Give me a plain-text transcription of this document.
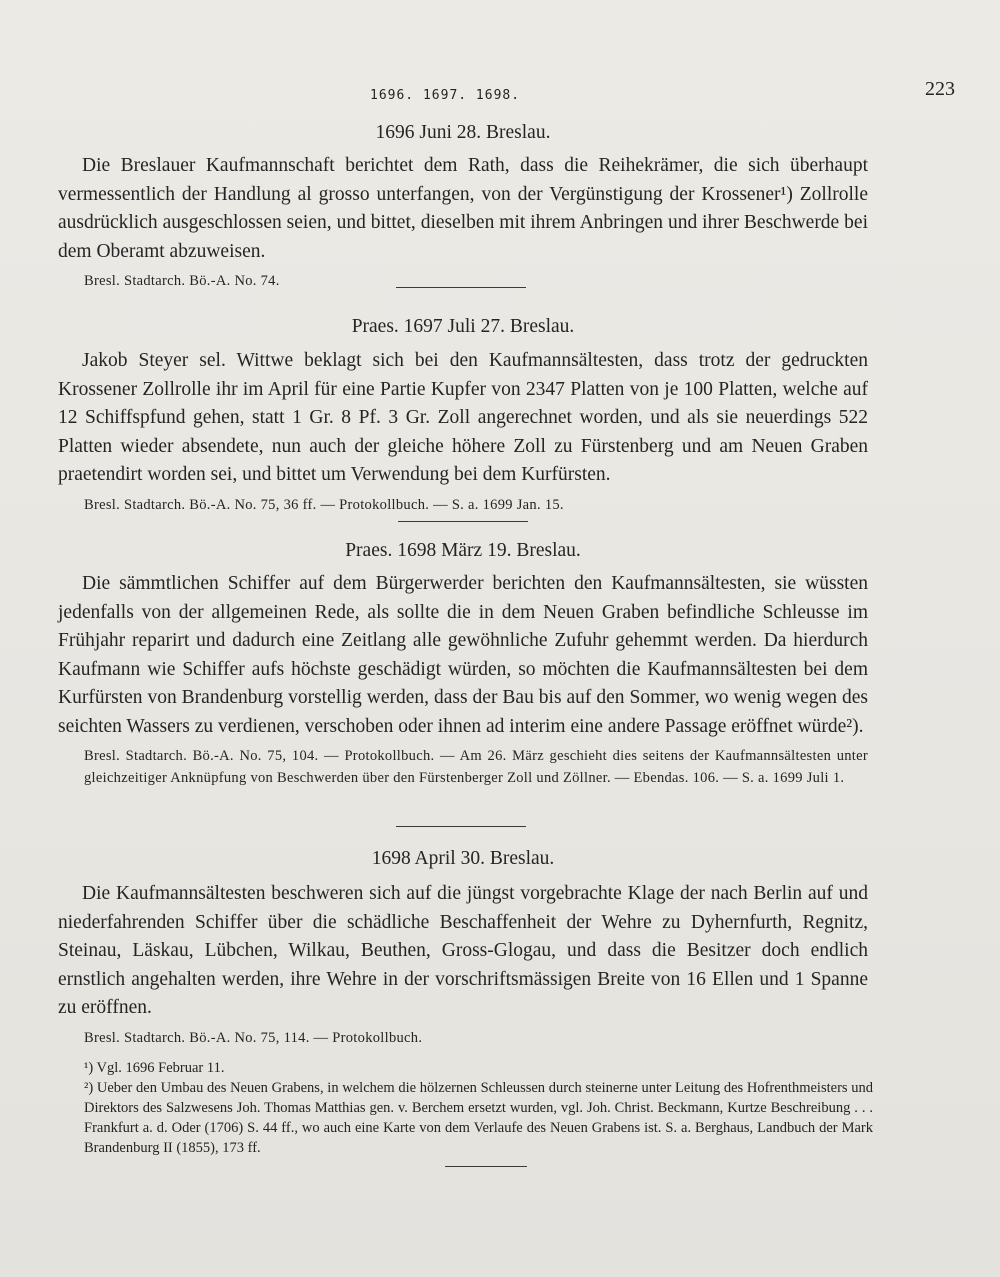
1696. 1697. 1698.	223

1696 Juni 28. Breslau.

Die Breslauer Kaufmannschaft berichtet dem Rath, dass die Reihekrämer, die sich überhaupt vermessentlich der Handlung al grosso unterfangen, von der Vergünstigung der Krossener¹) Zollrolle ausdrücklich ausgeschlossen seien, und bittet, dieselben mit ihrem Anbringen und ihrer Beschwerde bei dem Oberamt abzuweisen.

Bresl. Stadtarch. Bö.-A. No. 74.

Praes. 1697 Juli 27. Breslau.

Jakob Steyer sel. Wittwe beklagt sich bei den Kaufmannsältesten, dass trotz der gedruckten Krossener Zollrolle ihr im April für eine Partie Kupfer von 2347 Platten von je 100 Platten, welche auf 12 Schiffspfund gehen, statt 1 Gr. 8 Pf. 3 Gr. Zoll angerechnet worden, und als sie neuerdings 522 Platten wieder absendete, nun auch der gleiche höhere Zoll zu Fürstenberg und am Neuen Graben praetendirt worden sei, und bittet um Verwendung bei dem Kurfürsten.

Bresl. Stadtarch. Bö.-A. No. 75, 36 ff. — Protokollbuch. — S. a. 1699 Jan. 15.

Praes. 1698 März 19. Breslau.

Die sämmtlichen Schiffer auf dem Bürgerwerder berichten den Kaufmannsältesten, sie wüssten jedenfalls von der allgemeinen Rede, als sollte die in dem Neuen Graben befindliche Schleusse im Frühjahr reparirt und dadurch eine Zeitlang alle gewöhnliche Zufuhr gehemmt werden. Da hierdurch Kaufmann wie Schiffer aufs höchste geschädigt würden, so möchten die Kaufmannsältesten bei dem Kurfürsten von Brandenburg vorstellig werden, dass der Bau bis auf den Sommer, wo wenig wegen des seichten Wassers zu verdienen, verschoben oder ihnen ad interim eine andere Passage eröffnet würde²).

Bresl. Stadtarch. Bö.-A. No. 75, 104. — Protokollbuch. — Am 26. März geschieht dies seitens der Kaufmannsältesten unter gleichzeitiger Anknüpfung von Beschwerden über den Fürstenberger Zoll und Zöllner. — Ebendas. 106. — S. a. 1699 Juli 1.

1698 April 30. Breslau.

Die Kaufmannsältesten beschweren sich auf die jüngst vorgebrachte Klage der nach Berlin auf und niederfahrenden Schiffer über die schädliche Beschaffenheit der Wehre zu Dyhernfurth, Regnitz, Steinau, Läskau, Lübchen, Wilkau, Beuthen, Gross-Glogau, und dass die Besitzer doch endlich ernstlich angehalten werden, ihre Wehre in der vorschriftsmässigen Breite von 16 Ellen und 1 Spanne zu eröffnen.

Bresl. Stadtarch. Bö.-A. No. 75, 114. — Protokollbuch.

¹) Vgl. 1696 Februar 11.

²) Ueber den Umbau des Neuen Grabens, in welchem die hölzernen Schleussen durch steinerne unter Leitung des Hofrenthmeisters und Direktors des Salzwesens Joh. Thomas Matthias gen. v. Berchem ersetzt wurden, vgl. Joh. Christ. Beckmann, Kurtze Beschreibung . . . Frankfurt a. d. Oder (1706) S. 44 ff., wo auch eine Karte von dem Verlaufe des Neuen Grabens ist. S. a. Berghaus, Landbuch der Mark Brandenburg II (1855), 173 ff.
